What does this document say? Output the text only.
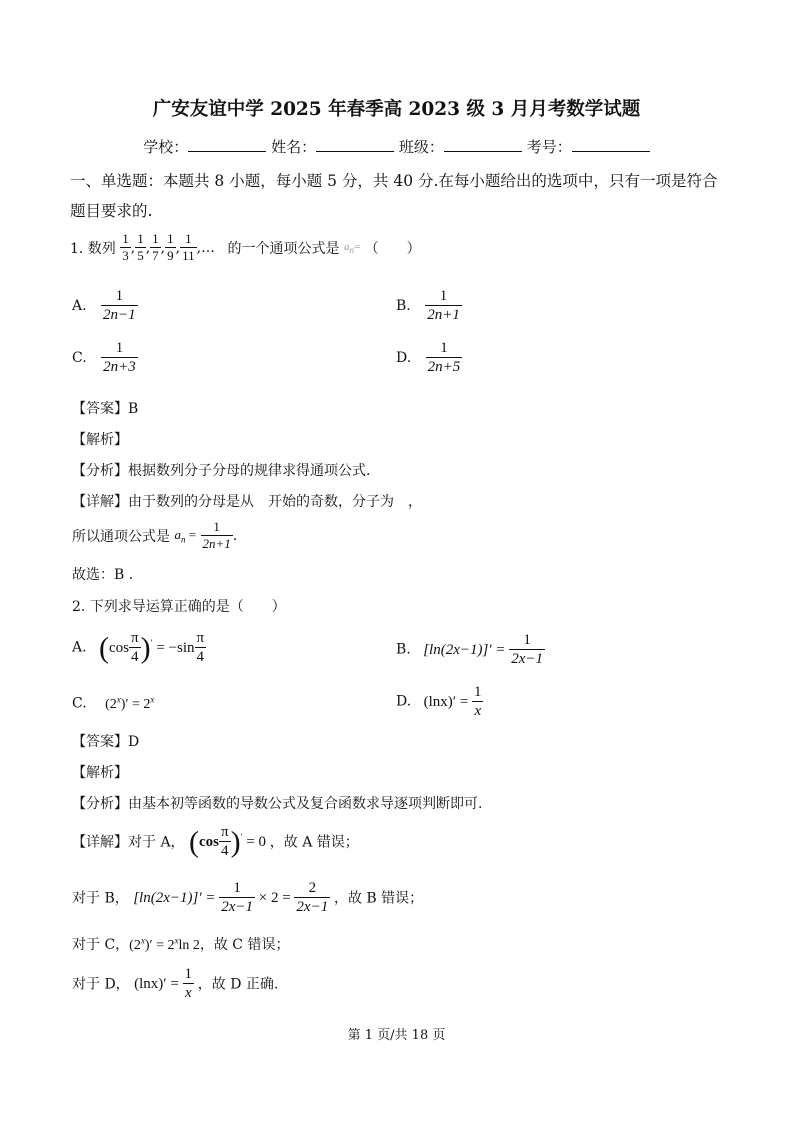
广安友谊中学 2025 年春季高 2023 级 3 月月考数学试题
学校：	姓名：	班级：	考号：
一、单选题：本题共 8 小题，每小题 5 分，共 40 分.在每小题给出的选项中，只有一项是符合
题目要求的.
1. 数列 $\frac{1}{3}$ , $\frac{1}{5}$ , $\frac{1}{7}$ , $\frac{1}{9}$ , $\frac{1}{11}$ ,… 的一个通项公式是 $a_n=$ （　　）
A. $\frac{1}{2n-1}$	B. $\frac{1}{2n+1}$
C. $\frac{1}{2n+3}$	D. $\frac{1}{2n+5}$
【答案】B
【解析】
【分析】根据数列分子分母的规律求得通项公式.
【详解】由于数列的分母是从　开始的奇数，分子为　，
所以通项公式是 $a_n = \frac{1}{2n+1}$ .
故选：B .
2. 下列求导运算正确的是（　　）
A. $(\cos \frac{\pi}{4} )' = -\sin \frac{\pi}{4}$	B. $[\ln(2x-1)]' = \frac{1}{2x-1}$
C. $(2^x)' = 2^x$	D. $(\ln x)' = \frac{1}{x}$
【答案】D
【解析】
【分析】由基本初等函数的导数公式及复合函数求导逐项判断即可.
【详解】对于 A， $(\cos \frac{\pi}{4} )' = 0$ ，故 A 错误；
对于 B， $[\ln(2x-1)]' = \frac{1}{2x-1} \times 2 = \frac{2}{2x-1}$ ，故 B 错误；
对于 C，$(2^x)' = 2^x\ln$ 2，故 C 错误；
对于 D， $(\ln x)' = \frac{1}{x}$ ，故 D 正确.
第 1 页/共 18 页
